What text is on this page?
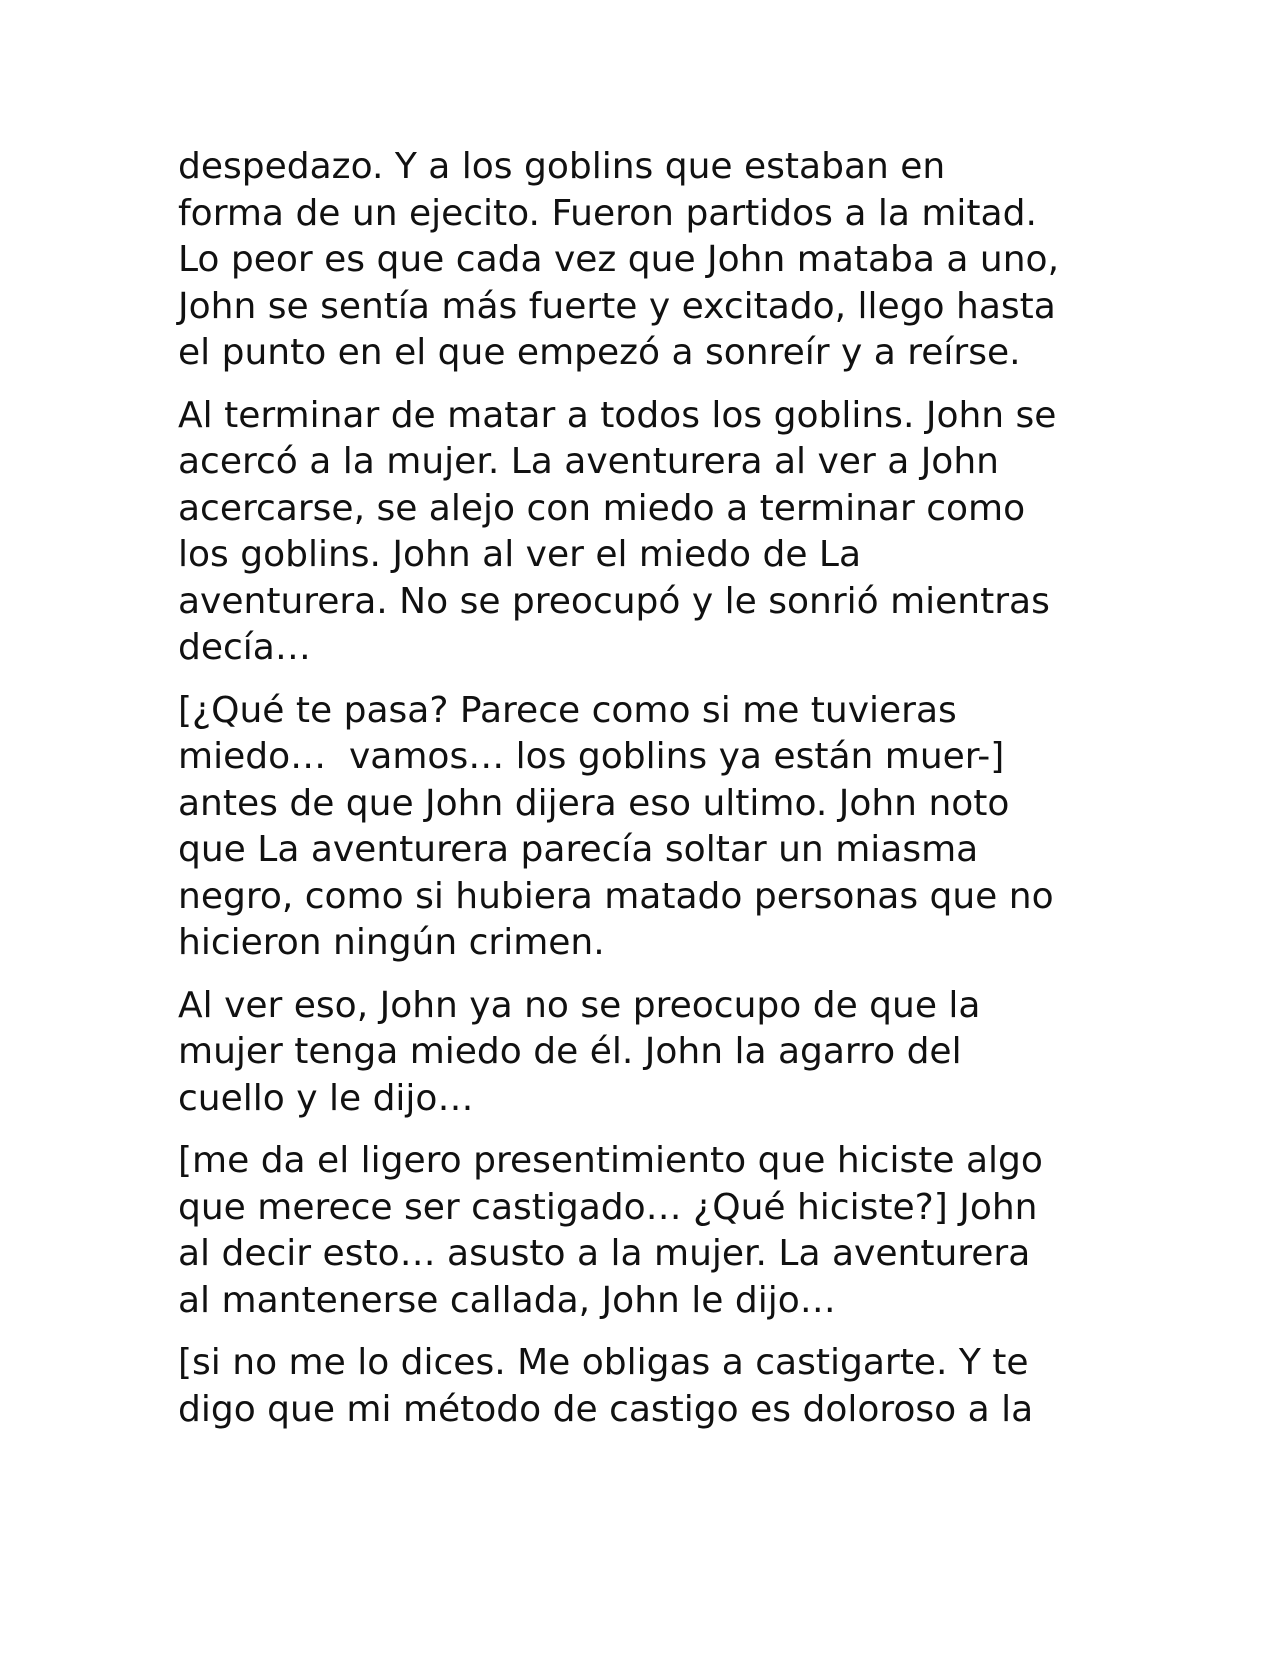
despedazo. Y a los goblins que estaban en
forma de un ejecito. Fueron partidos a la mitad.
Lo peor es que cada vez que John mataba a uno,
John se sentía más fuerte y excitado, llego hasta
el punto en el que empezó a sonreír y a reírse.

Al terminar de matar a todos los goblins. John se
acercó a la mujer. La aventurera al ver a John
acercarse, se alejo con miedo a terminar como
los goblins. John al ver el miedo de La
aventurera. No se preocupó y le sonrió mientras
decía…

[¿Qué te pasa? Parece como si me tuvieras
miedo…  vamos… los goblins ya están muer-]
antes de que John dijera eso ultimo. John noto
que La aventurera parecía soltar un miasma
negro, como si hubiera matado personas que no
hicieron ningún crimen.

Al ver eso, John ya no se preocupo de que la
mujer tenga miedo de él. John la agarro del
cuello y le dijo…

[me da el ligero presentimiento que hiciste algo
que merece ser castigado… ¿Qué hiciste?] John
al decir esto… asusto a la mujer. La aventurera
al mantenerse callada, John le dijo…

[si no me lo dices. Me obligas a castigarte. Y te
digo que mi método de castigo es doloroso a la
